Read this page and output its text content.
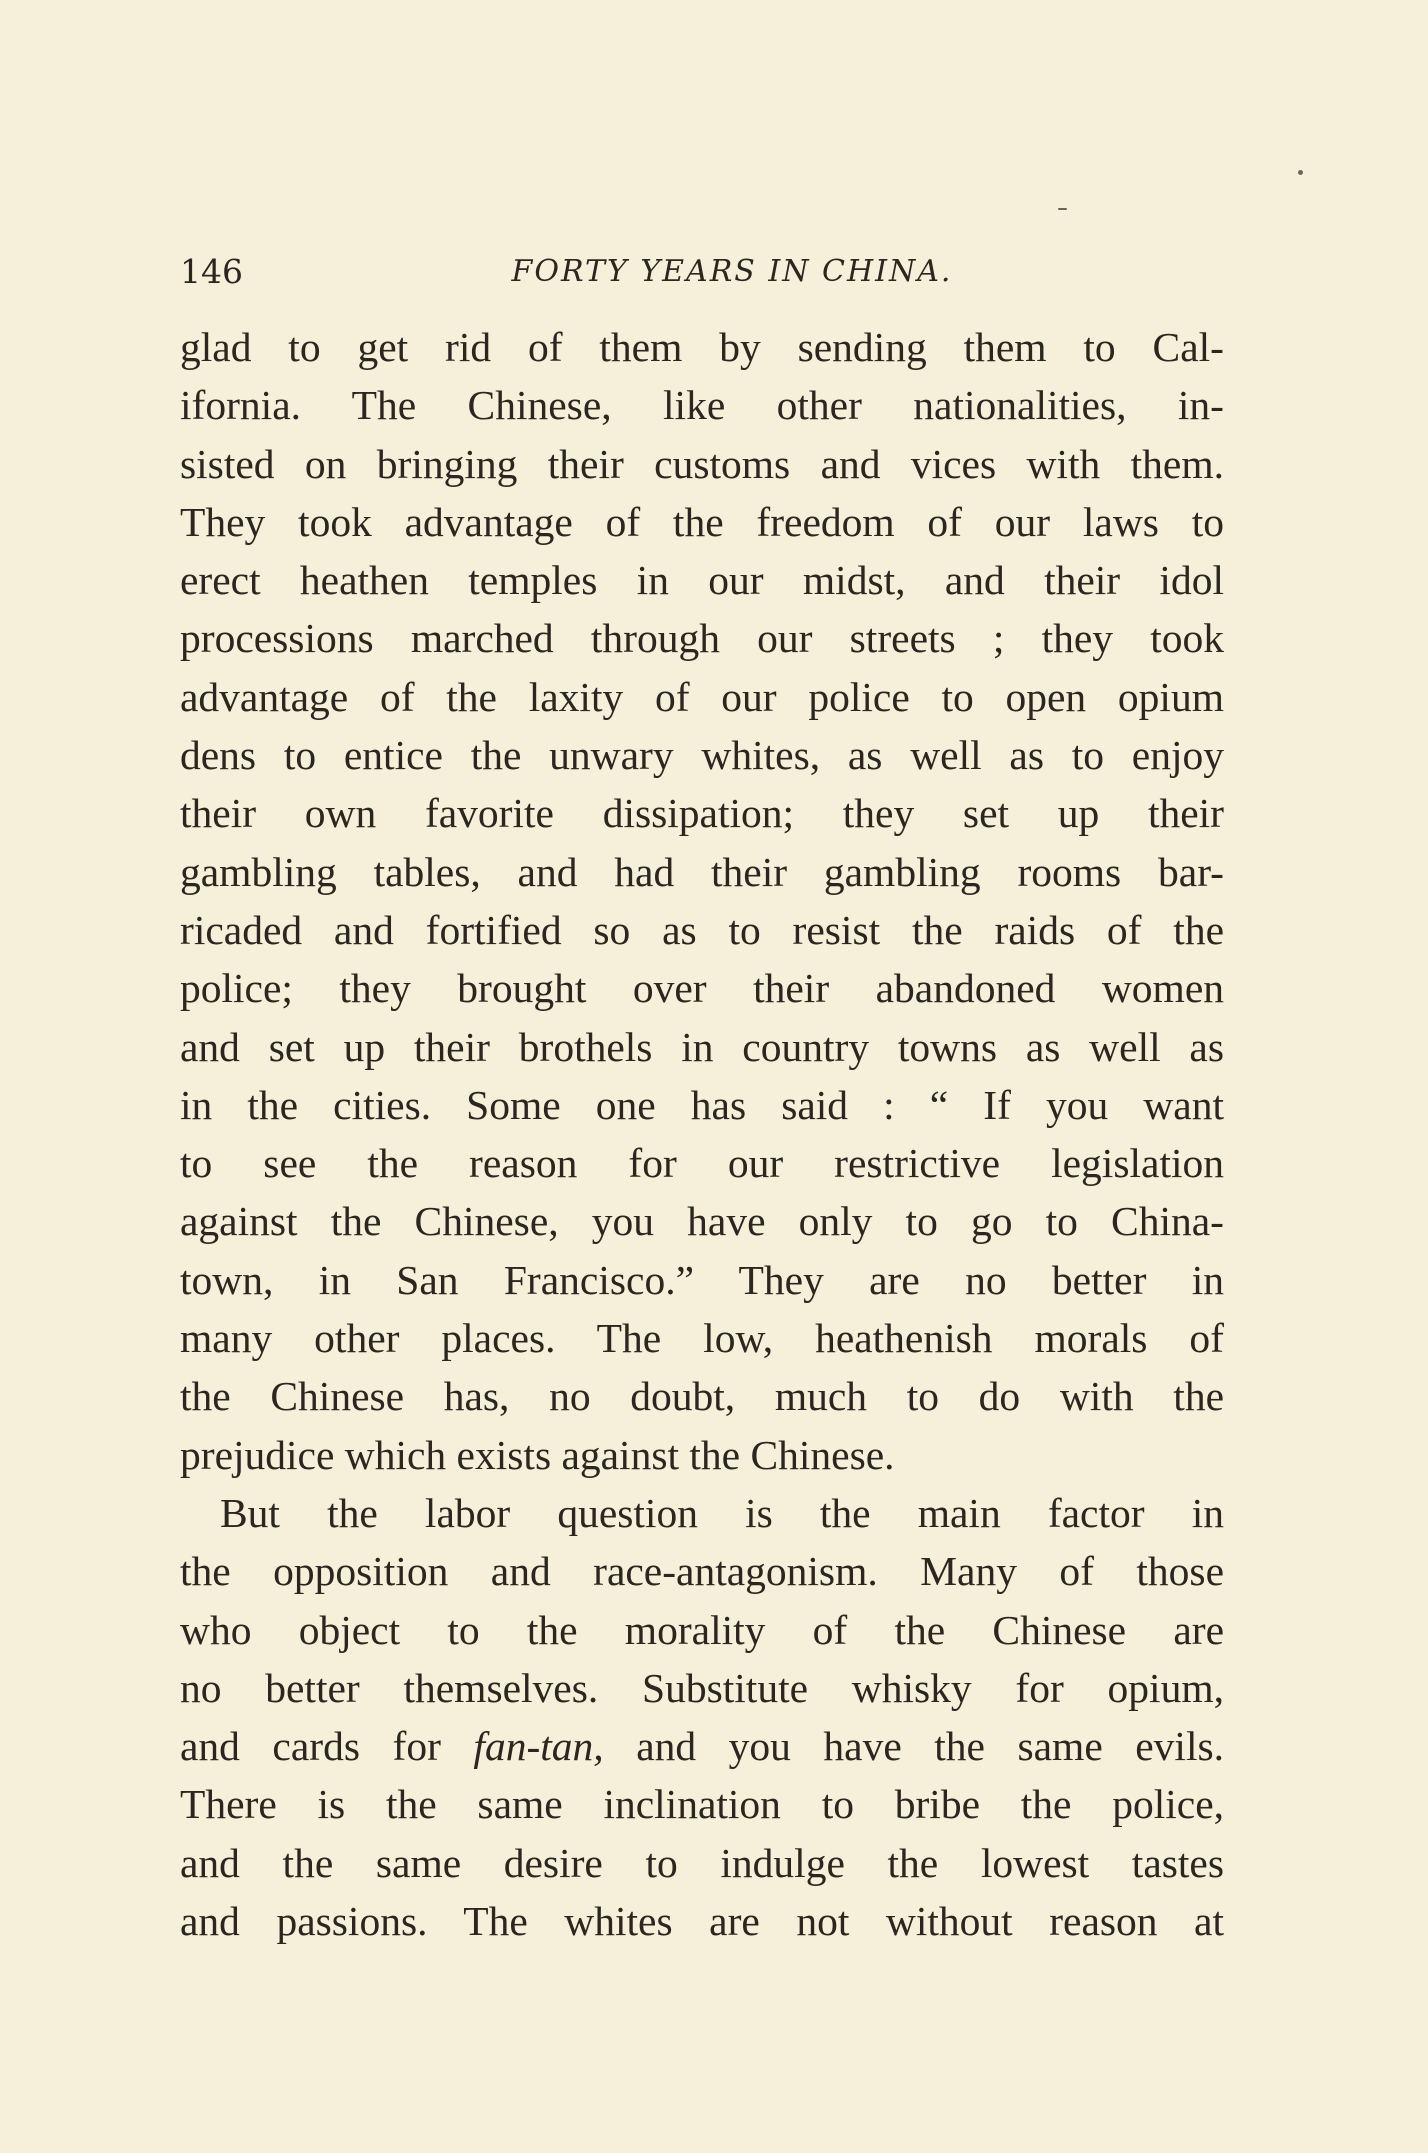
146	FORTY YEARS IN CHINA.
glad to get rid of them by sending them to Cal-
ifornia. The Chinese, like other nationalities, in-
sisted on bringing their customs and vices with them.
They took advantage of the freedom of our laws to
erect heathen temples in our midst, and their idol
processions marched through our streets ; they took
advantage of the laxity of our police to open opium
dens to entice the unwary whites, as well as to enjoy
their own favorite dissipation; they set up their
gambling tables, and had their gambling rooms bar-
ricaded and fortified so as to resist the raids of the
police; they brought over their abandoned women
and set up their brothels in country towns as well as
in the cities. Some one has said : “ If you want
to see the reason for our restrictive legislation
against the Chinese, you have only to go to China-
town, in San Francisco.” They are no better in
many other places. The low, heathenish morals of
the Chinese has, no doubt, much to do with the
prejudice which exists against the Chinese.
But the labor question is the main factor in
the opposition and race-antagonism. Many of those
who object to the morality of the Chinese are
no better themselves. Substitute whisky for opium,
and cards for fan-tan, and you have the same evils.
There is the same inclination to bribe the police,
and the same desire to indulge the lowest tastes
and passions. The whites are not without reason at
